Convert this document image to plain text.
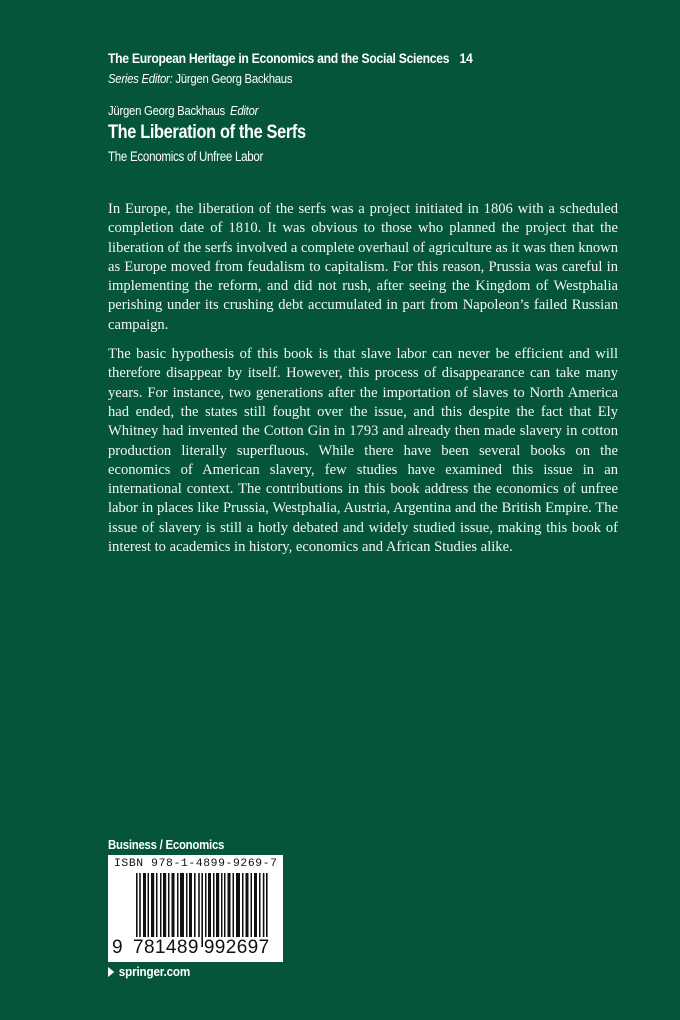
The European Heritage in Economics and the Social Sciences 14
Series Editor: Jürgen Georg Backhaus
Jürgen Georg Backhaus Editor
The Liberation of the Serfs
The Economics of Unfree Labor

In Europe, the liberation of the serfs was a project initiated in 1806 with a scheduled completion date of 1810. It was obvious to those who planned the project that the liberation of the serfs involved a complete overhaul of agriculture as it was then known as Europe moved from feudalism to capitalism. For this reason, Prussia was careful in implementing the reform, and did not rush, after seeing the Kingdom of Westphalia perishing under its crushing debt accumulated in part from Napoleon’s failed Russian campaign.

The basic hypothesis of this book is that slave labor can never be efficient and will therefore disappear by itself. However, this process of disappearance can take many years. For instance, two generations after the importation of slaves to North America had ended, the states still fought over the issue, and this despite the fact that Ely Whitney had invented the Cotton Gin in 1793 and already then made slavery in cotton production literally superfluous. While there have been several books on the economics of American slavery, few studies have examined this issue in an international context. The contributions in this book address the economics of unfree labor in places like Prussia, Westphalia, Austria, Argentina and the British Empire. The issue of slavery is still a hotly debated and widely studied issue, making this book of interest to academics in history, economics and African Studies alike.

Business / Economics
ISBN 978-1-4899-9269-7
9 781489 992697
springer.com
